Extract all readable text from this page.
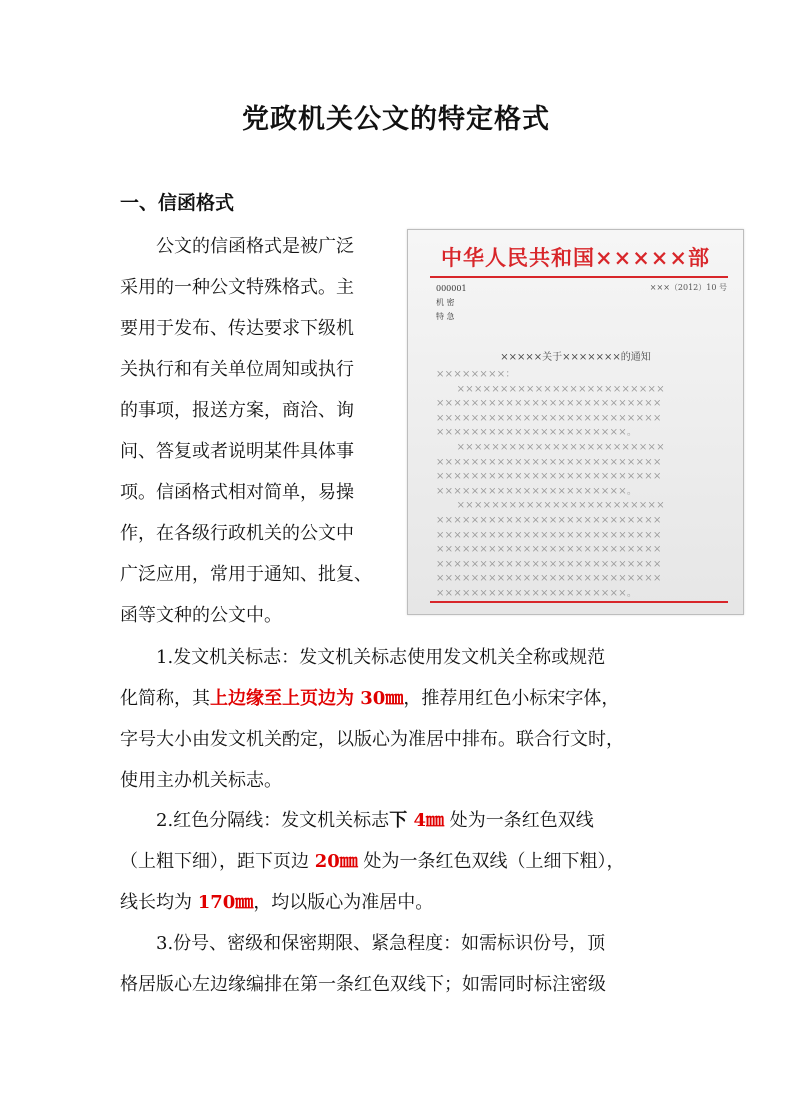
党政机关公文的特定格式
一、信函格式
　　公文的信函格式是被广泛
采用的一种公文特殊格式。主
要用于发布、传达要求下级机
关执行和有关单位周知或执行
的事项，报送方案，商洽、询
问、答复或者说明某件具体事
项。信函格式相对简单，易操
作，在各级行政机关的公文中
广泛应用，常用于通知、批复、
函等文种的公文中。
中华人民共和国×××××部
000001
机 密
特 急
×××（2012）10 号
×××××关于×××××××的通知
××××××××：
　　××××××××××××××××××××××××
××××××××××××××××××××××××××
××××××××××××××××××××××××××
××××××××××××××××××××××。
　　××××××××××××××××××××××××
××××××××××××××××××××××××××
××××××××××××××××××××××××××
××××××××××××××××××××××。
　　××××××××××××××××××××××××
××××××××××××××××××××××××××
××××××××××××××××××××××××××
××××××××××××××××××××××××××
××××××××××××××××××××××××××
××××××××××××××××××××××××××
××××××××××××××××××××××。
　　1.发文机关标志：发文机关标志使用发文机关全称或规范
化简称，其上边缘至上页边为 30㎜，推荐用红色小标宋字体，
字号大小由发文机关酌定，以版心为准居中排布。联合行文时，
使用主办机关标志。
　　2.红色分隔线：发文机关标志下 4㎜ 处为一条红色双线
（上粗下细），距下页边 20㎜ 处为一条红色双线（上细下粗），
线长均为 170㎜，均以版心为准居中。
　　3.份号、密级和保密期限、紧急程度：如需标识份号，顶
格居版心左边缘编排在第一条红色双线下；如需同时标注密级
